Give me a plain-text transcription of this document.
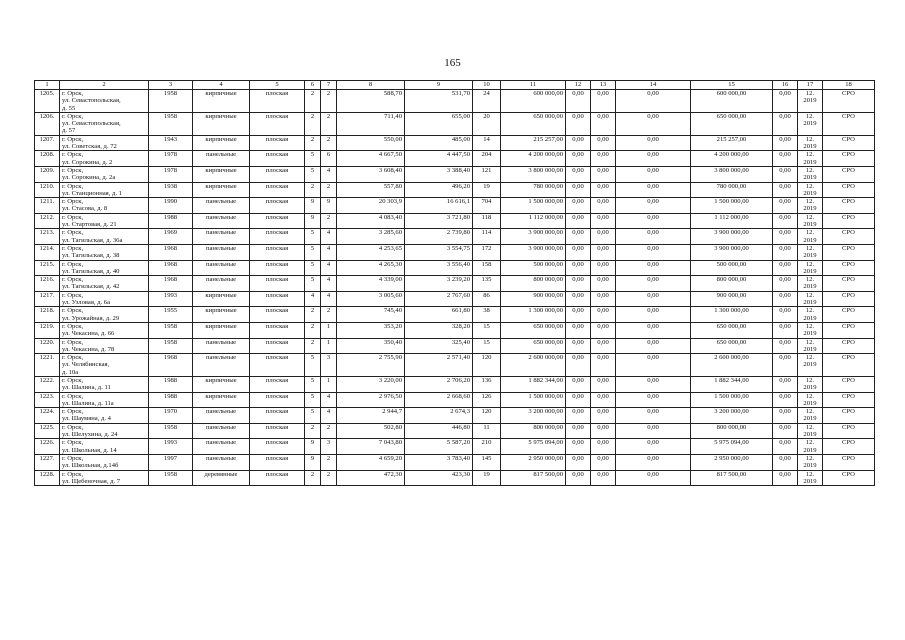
165
1	2	3	4	5	6	7	8	9	10	11	12	13	14	15	16	17	18
1205.	г. Орск,
ул. Севастопольская,
д. 55	1958	кирпичные	плоская	2	2	588,70	531,70	24	600 000,00	0,00	0,00	0,00	600 000,00	0,00	12.
2019	СРО
1206.	г. Орск,
ул. Севастопольская,
д. 57	1958	кирпичные	плоская	2	2	711,40	655,00	20	650 000,00	0,00	0,00	0,00	650 000,00	0,00	12.
2019	СРО
1207.	г. Орск,
ул. Советская, д. 72	1943	кирпичные	плоская	2	2	550,00	485,00	14	215 257,00	0,00	0,00	0,00	215 257,00	0,00	12.
2019	СРО
1208.	г. Орск,
ул. Сорокина, д. 2	1978	панельные	плоская	5	6	4 667,50	4 447,50	204	4 200 000,00	0,00	0,00	0,00	4 200 000,00	0,00	12.
2019	СРО
1209.	г. Орск,
ул. Сорокина, д. 2а	1978	кирпичные	плоская	5	4	3 608,40	3 388,40	121	3 800 000,00	0,00	0,00	0,00	3 800 000,00	0,00	12.
2019	СРО
1210.	г. Орск,
ул. Станционная, д. 1	1938	кирпичные	плоская	2	2	557,80	496,20	19	780 000,00	0,00	0,00	0,00	780 000,00	0,00	12.
2019	СРО
1211.	г. Орск,
ул. Стасова, д. 8	1990	панельные	плоская	9	9	20 303,9	16 616,1	704	1 500 000,00	0,00	0,00	0,00	1 500 000,00	0,00	12.
2019	СРО
1212.	г. Орск,
ул. Стартовая, д. 21	1988	панельные	плоская	9	2	4 083,40	3 721,80	118	1 112 000,00	0,00	0,00	0,00	1 112 000,00	0,00	12.
2019	СРО
1213.	г. Орск,
ул. Тагильская, д. 36а	1969	панельные	плоская	5	4	3 285,60	2 739,80	114	3 900 000,00	0,00	0,00	0,00	3 900 000,00	0,00	12.
2019	СРО
1214.	г. Орск,
ул. Тагильская, д. 38	1968	панельные	плоская	5	4	4 253,65	3 554,75	172	3 900 000,00	0,00	0,00	0,00	3 900 000,00	0,00	12.
2019	СРО
1215.	г. Орск,
ул. Тагильская, д. 40	1968	панельные	плоская	5	4	4 265,30	3 556,40	158	500 000,00	0,00	0,00	0,00	500 000,00	0,00	12.
2019	СРО
1216.	г. Орск,
ул. Тагильская, д. 42	1968	панельные	плоская	5	4	4 339,00	3 239,20	135	800 000,00	0,00	0,00	0,00	800 000,00	0,00	12.
2019	СРО
1217.	г. Орск,
ул. Узловая, д. 6а	1993	кирпичные	плоская	4	4	3 005,60	2 767,60	86	900 000,00	0,00	0,00	0,00	900 000,00	0,00	12.
2019	СРО
1218.	г. Орск,
ул. Урожайная, д. 29	1955	кирпичные	плоская	2	2	745,40	661,80	38	1 300 000,00	0,00	0,00	0,00	1 300 000,00	0,00	12.
2019	СРО
1219.	г. Орск,
ул. Чекасина, д. 66	1958	кирпичные	плоская	2	1	353,20	328,20	15	650 000,00	0,00	0,00	0,00	650 000,00	0,00	12.
2019	СРО
1220.	г. Орск,
ул. Чекасина, д. 78	1958	панельные	плоская	2	1	350,40	325,40	15	650 000,00	0,00	0,00	0,00	650 000,00	0,00	12.
2019	СРО
1221.	г. Орск,
ул. Челябинская,
д. 10а	1968	панельные	плоская	5	3	2 755,90	2 571,40	120	2 600 000,00	0,00	0,00	0,00	2 600 000,00	0,00	12.
2019	СРО
1222.	г. Орск,
ул. Шалина, д. 11	1988	кирпичные	плоская	5	1	3 220,00	2 706,20	136	1 882 344,00	0,00	0,00	0,00	1 882 344,00	0,00	12.
2019	СРО
1223.	г. Орск,
ул. Шалина, д. 11а	1988	кирпичные	плоская	5	4	2 976,50	2 668,60	126	1 500 000,00	0,00	0,00	0,00	1 500 000,00	0,00	12.
2019	СРО
1224.	г. Орск,
ул. Шаумяна, д. 4	1970	панельные	плоская	5	4	2 944,7	2 674,3	120	3 200 000,00	0,00	0,00	0,00	3 200 000,00	0,00	12.
2019	СРО
1225.	г. Орск,
ул. Шелухина, д. 24	1958	панельные	плоская	2	2	502,80	446,80	11	800 000,00	0,00	0,00	0,00	800 000,00	0,00	12.
2019	СРО
1226.	г. Орск,
ул. Школьная, д. 14	1993	панельные	плоская	9	3	7 043,80	5 587,20	210	5 975 094,00	0,00	0,00	0,00	5 975 094,00	0,00	12.
2019	СРО
1227.	г. Орск,
ул. Школьная, д.14б	1997	панельные	плоская	9	2	4 659,20	3 783,40	145	2 950 000,00	0,00	0,00	0,00	2 950 000,00	0,00	12.
2019	СРО
1228.	г. Орск,
ул. Щебеночная, д. 7	1958	деревянные	плоская	2	2	472,30	423,30	19	817 500,00	0,00	0,00	0,00	817 500,00	0,00	12.
2019	СРО
